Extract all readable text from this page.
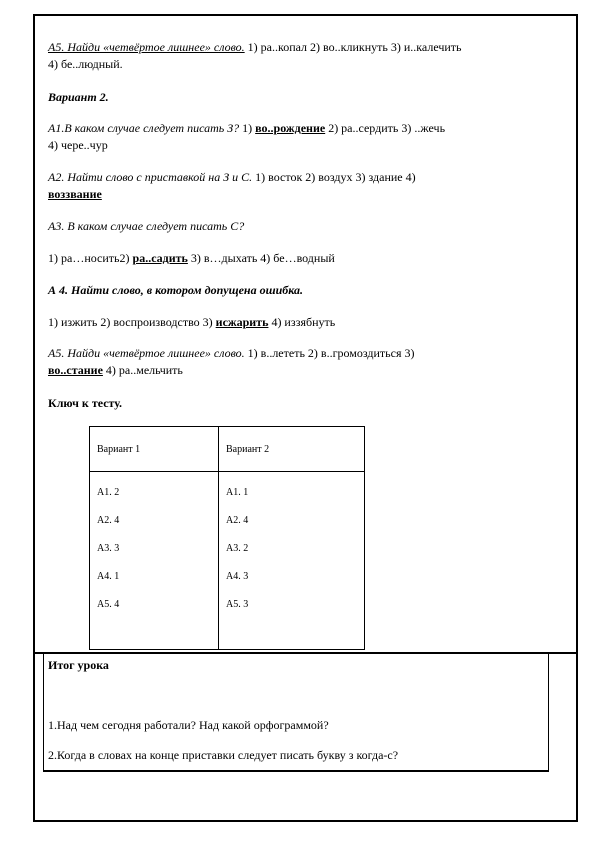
А5. Найди «четвёртое лишнее» слово. 1) ра..копал 2) во..кликнуть 3) и..калечить
4) бе..людный.
Вариант 2.
А1.В каком случае следует писать З? 1) во..рождение 2) ра..сердить 3) ..жечь
4) чере..чур
А2. Найти слово с приставкой на З и С. 1) восток 2) воздух 3) здание 4)
воззвание
А3. В каком случае следует писать С?
1) ра…носить2) ра..садить 3) в…дыхать 4) бе…водный
А 4. Найти слово, в котором допущена ошибка.
1) изжить 2) воспроизводство 3) исжарить 4) иззябнуть
А5. Найди «четвёртое лишнее» слово. 1) в..лететь 2) в..громоздиться 3)
во..стание 4) ра..мельчить
Ключ к тесту.
Вариант 1	Вариант 2
А1. 2
А2. 4
А3. 3
А4. 1
А5. 4
А1. 1
А2. 4
А3. 2
А4. 3
А5. 3
Итог урока
1.Над чем сегодня работали? Над какой орфограммой?
2.Когда в словах на конце приставки следует писать букву з когда-с?
